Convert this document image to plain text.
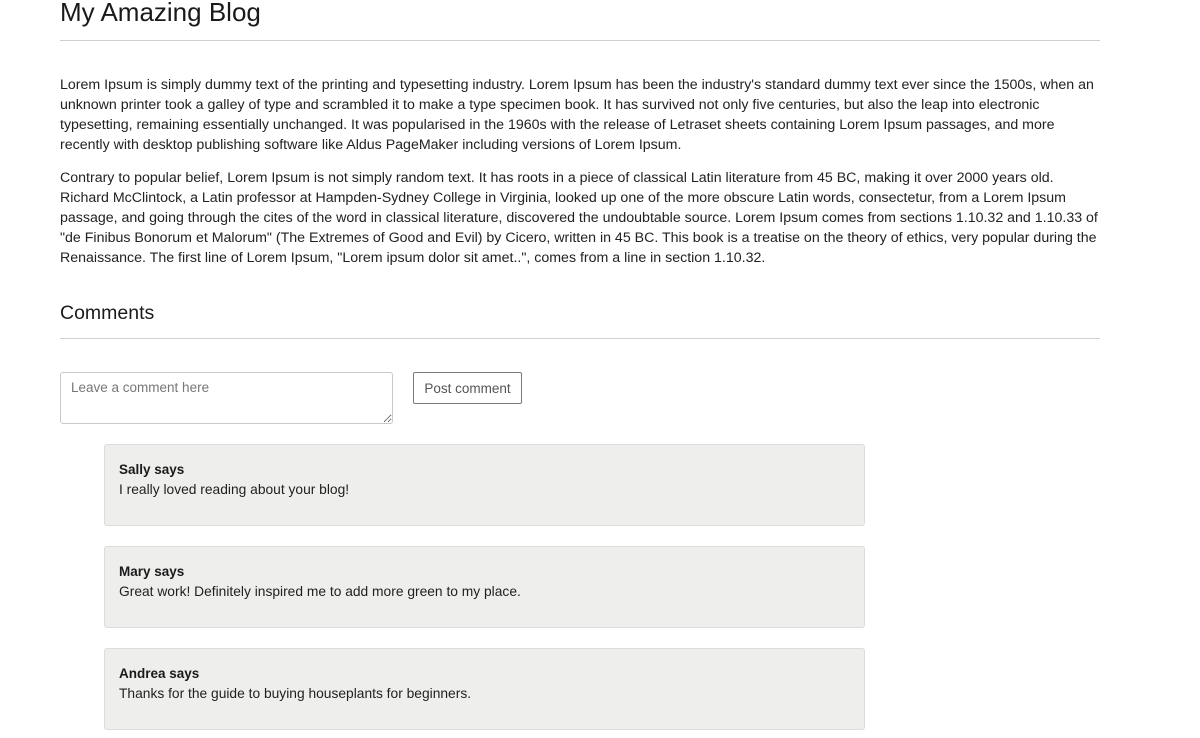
My Amazing Blog

Lorem Ipsum is simply dummy text of the printing and typesetting industry. Lorem Ipsum has been the industry's standard dummy text ever since the 1500s, when an unknown printer took a galley of type and scrambled it to make a type specimen book. It has survived not only five centuries, but also the leap into electronic typesetting, remaining essentially unchanged. It was popularised in the 1960s with the release of Letraset sheets containing Lorem Ipsum passages, and more recently with desktop publishing software like Aldus PageMaker including versions of Lorem Ipsum.

Contrary to popular belief, Lorem Ipsum is not simply random text. It has roots in a piece of classical Latin literature from 45 BC, making it over 2000 years old. Richard McClintock, a Latin professor at Hampden-Sydney College in Virginia, looked up one of the more obscure Latin words, consectetur, from a Lorem Ipsum passage, and going through the cites of the word in classical literature, discovered the undoubtable source. Lorem Ipsum comes from sections 1.10.32 and 1.10.33 of "de Finibus Bonorum et Malorum" (The Extremes of Good and Evil) by Cicero, written in 45 BC. This book is a treatise on the theory of ethics, very popular during the Renaissance. The first line of Lorem Ipsum, "Lorem ipsum dolor sit amet..", comes from a line in section 1.10.32.

Comments
Leave a comment here
Post comment
Sally says
I really loved reading about your blog!
Mary says
Great work! Definitely inspired me to add more green to my place.
Andrea says
Thanks for the guide to buying houseplants for beginners.
